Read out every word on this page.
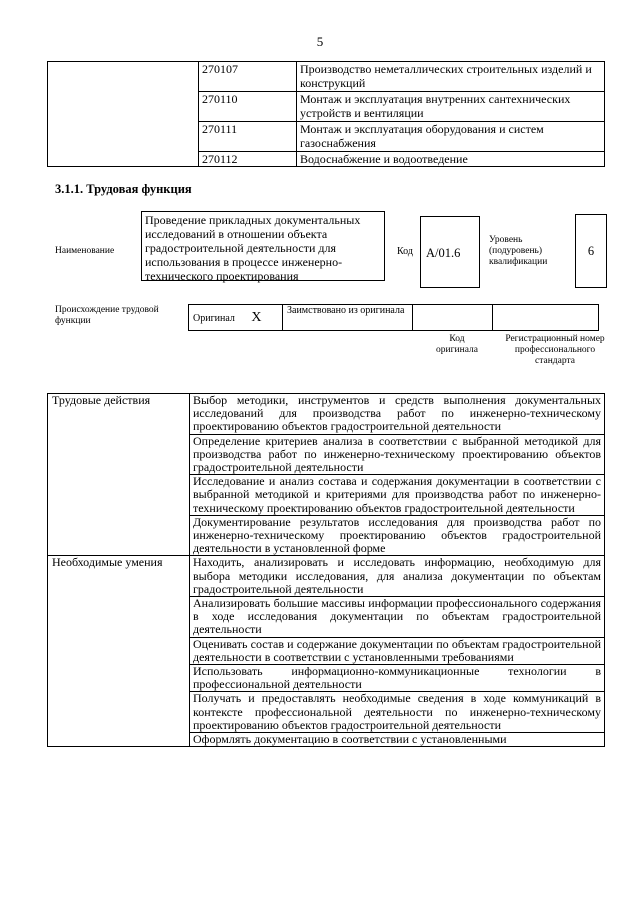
5
	270107	Производство неметаллических строительных изделий и конструкций
	270110	Монтаж и эксплуатация внутренних сантехнических устройств и вентиляции
	270111	Монтаж и эксплуатация оборудования и систем газоснабжения
	270112	Водоснабжение и водоотведение
3.1.1. Трудовая функция
Наименование
Проведение прикладных документальных исследований в отношении объекта градостроительной деятельности для использования в процессе инженерно-технического проектирования
Код	А/01.6
Уровень (подуровень) квалификации
6
Происхождение трудовой функции	Оригинал X	Заимствовано из оригинала		
Код оригинала
Регистрационный номер профессионального стандарта
Трудовые действия	Выбор методики, инструментов и средств выполнения документальных исследований для производства работ по инженерно-техническому проектированию объектов градостроительной деятельности
	Определение критериев анализа в соответствии с выбранной методикой для производства работ по инженерно-техническому проектированию объектов градостроительной деятельности
	Исследование и анализ состава и содержания документации в соответствии с выбранной методикой и критериями для производства работ по инженерно-техническому проектированию объектов градостроительной деятельности
	Документирование результатов исследования для производства работ по инженерно-техническому проектированию объектов градостроительной деятельности в установленной форме
Необходимые умения	Находить, анализировать и исследовать информацию, необходимую для выбора методики исследования, для анализа документации по объектам градостроительной деятельности
	Анализировать большие массивы информации профессионального содержания в ходе исследования документации по объектам градостроительной деятельности
	Оценивать состав и содержание документации по объектам градостроительной деятельности в соответствии с установленными требованиями
	Использовать информационно-коммуникационные технологии в профессиональной деятельности
	Получать и предоставлять необходимые сведения в ходе коммуникаций в контексте профессиональной деятельности по инженерно-техническому проектированию объектов градостроительной деятельности
	Оформлять документацию в соответствии с установленными
